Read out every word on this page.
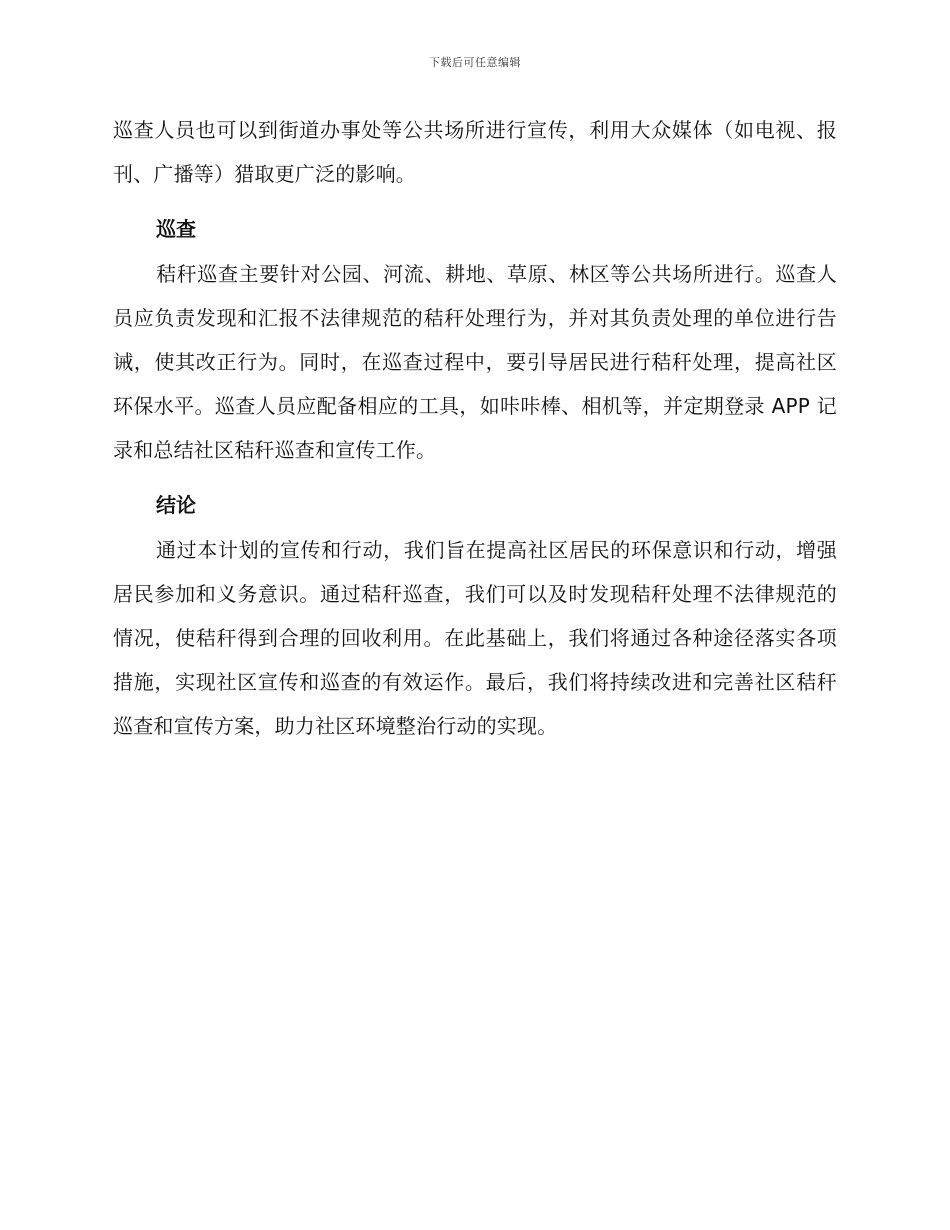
下载后可任意编辑

巡查人员也可以到街道办事处等公共场所进行宣传，利用大众媒体（如电视、报刊、广播等）猎取更广泛的影响。

巡查

秸秆巡查主要针对公园、河流、耕地、草原、林区等公共场所进行。巡查人员应负责发现和汇报不法律规范的秸秆处理行为，并对其负责处理的单位进行告诫，使其改正行为。同时，在巡查过程中，要引导居民进行秸秆处理，提高社区环保水平。巡查人员应配备相应的工具，如咔咔棒、相机等，并定期登录 APP 记录和总结社区秸秆巡查和宣传工作。

结论

通过本计划的宣传和行动，我们旨在提高社区居民的环保意识和行动，增强居民参加和义务意识。通过秸秆巡查，我们可以及时发现秸秆处理不法律规范的情况，使秸秆得到合理的回收利用。在此基础上，我们将通过各种途径落实各项措施，实现社区宣传和巡查的有效运作。最后，我们将持续改进和完善社区秸秆巡查和宣传方案，助力社区环境整治行动的实现。
